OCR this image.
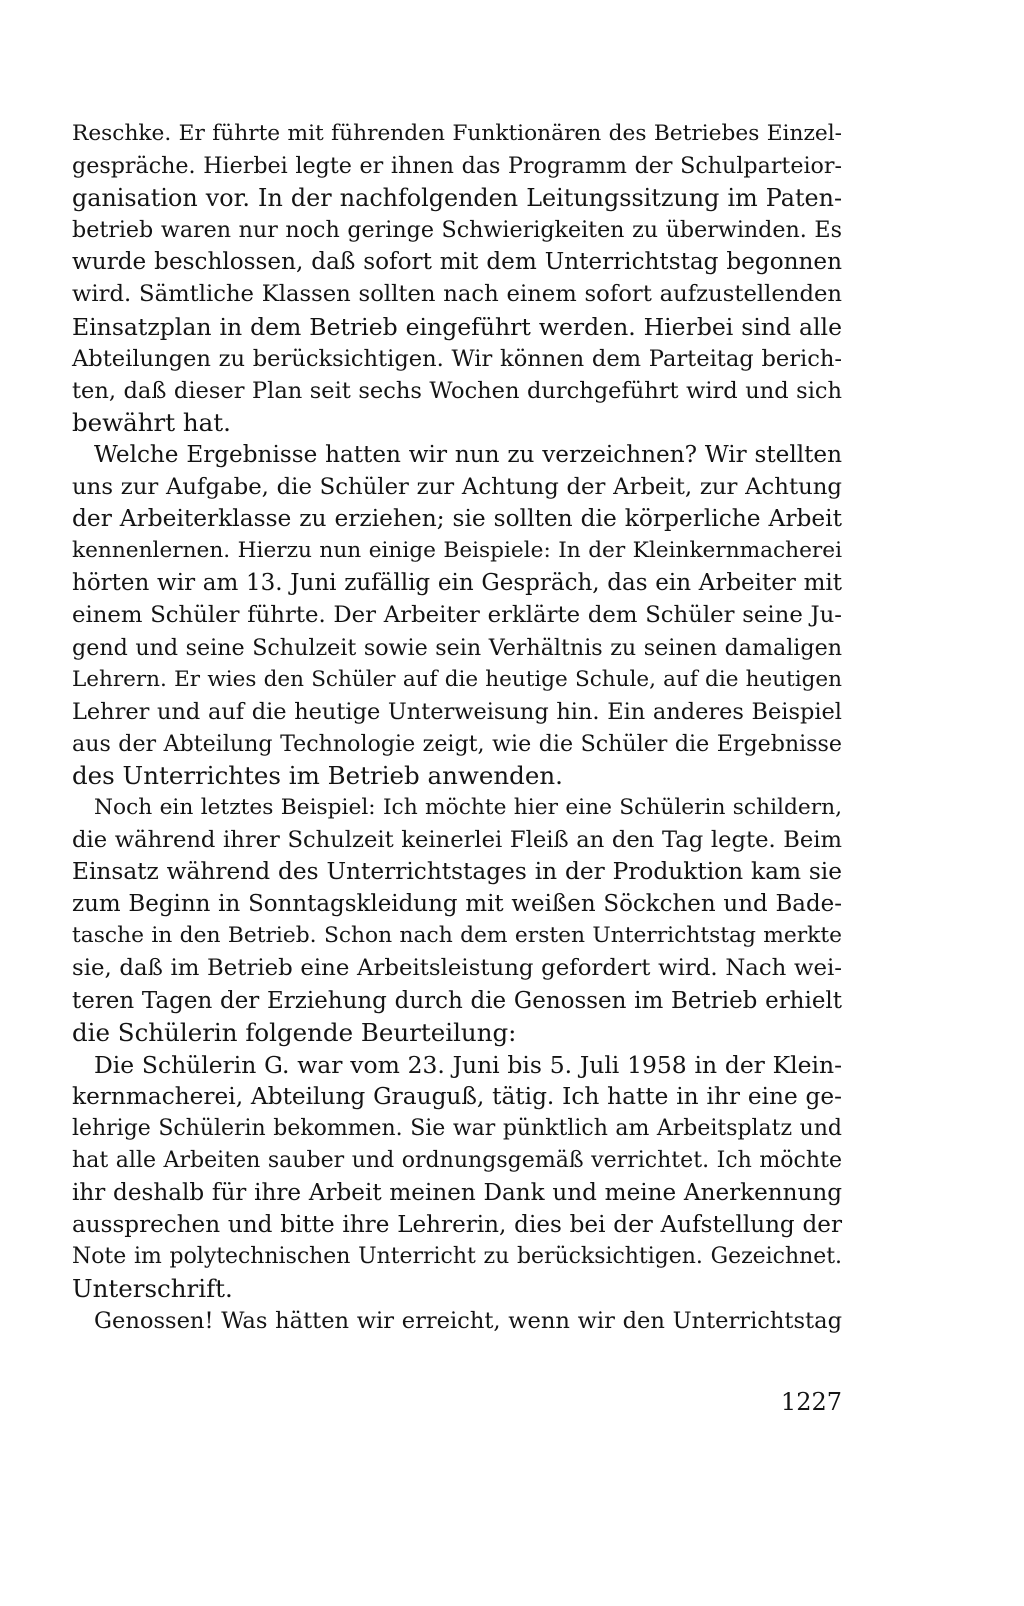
Reschke. Er führte mit führenden Funktionären des Betriebes Einzel-
gespräche. Hierbei legte er ihnen das Programm der Schulparteior-
ganisation vor. In der nachfolgenden Leitungssitzung im Paten-
betrieb waren nur noch geringe Schwierigkeiten zu überwinden. Es
wurde beschlossen, daß sofort mit dem Unterrichtstag begonnen
wird. Sämtliche Klassen sollten nach einem sofort aufzustellenden
Einsatzplan in dem Betrieb eingeführt werden. Hierbei sind alle
Abteilungen zu berücksichtigen. Wir können dem Parteitag berich-
ten, daß dieser Plan seit sechs Wochen durchgeführt wird und sich
bewährt hat.
Welche Ergebnisse hatten wir nun zu verzeichnen? Wir stellten
uns zur Aufgabe, die Schüler zur Achtung der Arbeit, zur Achtung
der Arbeiterklasse zu erziehen; sie sollten die körperliche Arbeit
kennenlernen. Hierzu nun einige Beispiele: In der Kleinkernmacherei
hörten wir am 13. Juni zufällig ein Gespräch, das ein Arbeiter mit
einem Schüler führte. Der Arbeiter erklärte dem Schüler seine Ju-
gend und seine Schulzeit sowie sein Verhältnis zu seinen damaligen
Lehrern. Er wies den Schüler auf die heutige Schule, auf die heutigen
Lehrer und auf die heutige Unterweisung hin. Ein anderes Beispiel
aus der Abteilung Technologie zeigt, wie die Schüler die Ergebnisse
des Unterrichtes im Betrieb anwenden.
Noch ein letztes Beispiel: Ich möchte hier eine Schülerin schildern,
die während ihrer Schulzeit keinerlei Fleiß an den Tag legte. Beim
Einsatz während des Unterrichtstages in der Produktion kam sie
zum Beginn in Sonntagskleidung mit weißen Söckchen und Bade-
tasche in den Betrieb. Schon nach dem ersten Unterrichtstag merkte
sie, daß im Betrieb eine Arbeitsleistung gefordert wird. Nach wei-
teren Tagen der Erziehung durch die Genossen im Betrieb erhielt
die Schülerin folgende Beurteilung:
Die Schülerin G. war vom 23. Juni bis 5. Juli 1958 in der Klein-
kernmacherei, Abteilung Grauguß, tätig. Ich hatte in ihr eine ge-
lehrige Schülerin bekommen. Sie war pünktlich am Arbeitsplatz und
hat alle Arbeiten sauber und ordnungsgemäß verrichtet. Ich möchte
ihr deshalb für ihre Arbeit meinen Dank und meine Anerkennung
aussprechen und bitte ihre Lehrerin, dies bei der Aufstellung der
Note im polytechnischen Unterricht zu berücksichtigen. Gezeichnet.
Unterschrift.
Genossen! Was hätten wir erreicht, wenn wir den Unterrichtstag
1227
